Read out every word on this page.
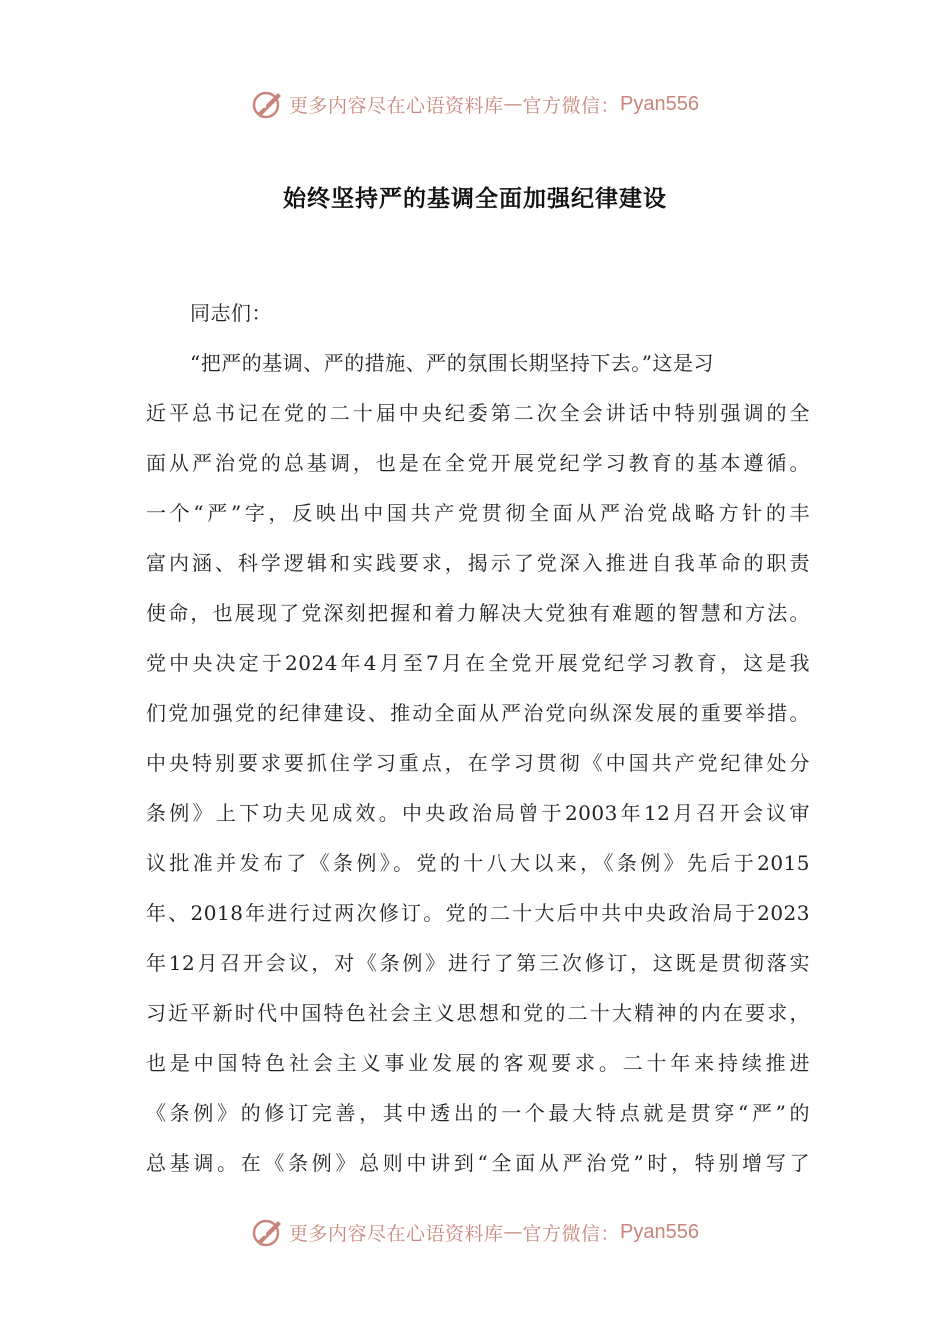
更多内容尽在心语资料库 — 官方微信： Pyan556
始终坚持严的基调全面加强纪律建设
同志们：
“把严的基调、严的措施、严的氛围长期坚持下去。”这是习
近平总书记在党的二十届中央纪委第二次全会讲话中特别强调的全
面从严治党的总基调，也是在全党开展党纪学习教育的基本遵循。
一个“严”字，反映出中国共产党贯彻全面从严治党战略方针的丰
富内涵、科学逻辑和实践要求，揭示了党深入推进自我革命的职责
使命，也展现了党深刻把握和着力解决大党独有难题的智慧和方法。
党中央决定于2024年4月至7月在全党开展党纪学习教育，这是我
们党加强党的纪律建设、推动全面从严治党向纵深发展的重要举措。
中央特别要求要抓住学习重点，在学习贯彻《中国共产党纪律处分
条例》上下功夫见成效。中央政治局曾于2003年12月召开会议审
议批准并发布了《条例》。党的十八大以来，《条例》先后于2015
年、2018年进行过两次修订。党的二十大后中共中央政治局于2023
年12月召开会议，对《条例》进行了第三次修订，这既是贯彻落实
习近平新时代中国特色社会主义思想和党的二十大精神的内在要求，
也是中国特色社会主义事业发展的客观要求。二十年来持续推进
《条例》的修订完善，其中透出的一个最大特点就是贯穿“严”的
总基调。在《条例》总则中讲到“全面从严治党”时，特别增写了
更多内容尽在心语资料库 — 官方微信： Pyan556
